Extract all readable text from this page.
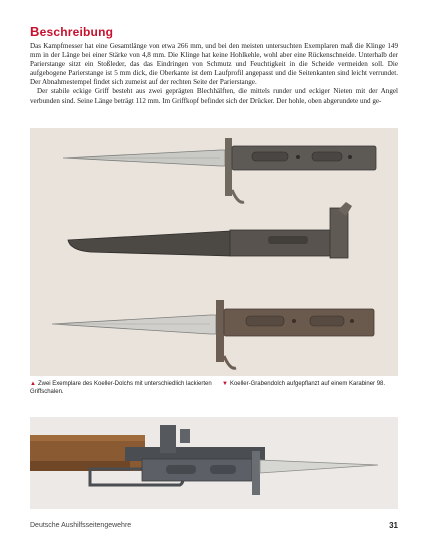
Beschreibung

Das Kampfmesser hat eine Gesamtlänge von etwa 266 mm, und bei den meisten untersuchten Exemplaren maß die Klinge 149 mm in der Länge bei einer Stärke von 4,8 mm. Die Klinge hat keine Hohlkehle, wohl aber eine Rückenschneide. Unterhalb der Parierstange sitzt ein Stoßleder, das das Eindringen von Schmutz und Feuchtigkeit in die Scheide vermeiden soll. Die aufgebogene Parierstange ist 5 mm dick, die Oberkante ist dem Laufprofil angepasst und die Seitenkanten sind leicht verrundet. Der Abnahmestempel findet sich zumeist auf der rechten Seite der Parierstange.

Der stabile eckige Griff besteht aus zwei geprägten Blechhälften, die mittels runder und eckiger Nieten mit der Angel verbunden sind. Seine Länge beträgt 112 mm. Im Griffkopf befindet sich der Drücker. Der hohle, oben abgerundete und ge-

▲ Zwei Exemplare des Koeller-Dolchs mit unterschiedlich lackierten Griffschalen.
▼ Koeller-Grabendolch aufgepflanzt auf einem Karabiner 98.
Deutsche Aushilfsseitengewehre	31
